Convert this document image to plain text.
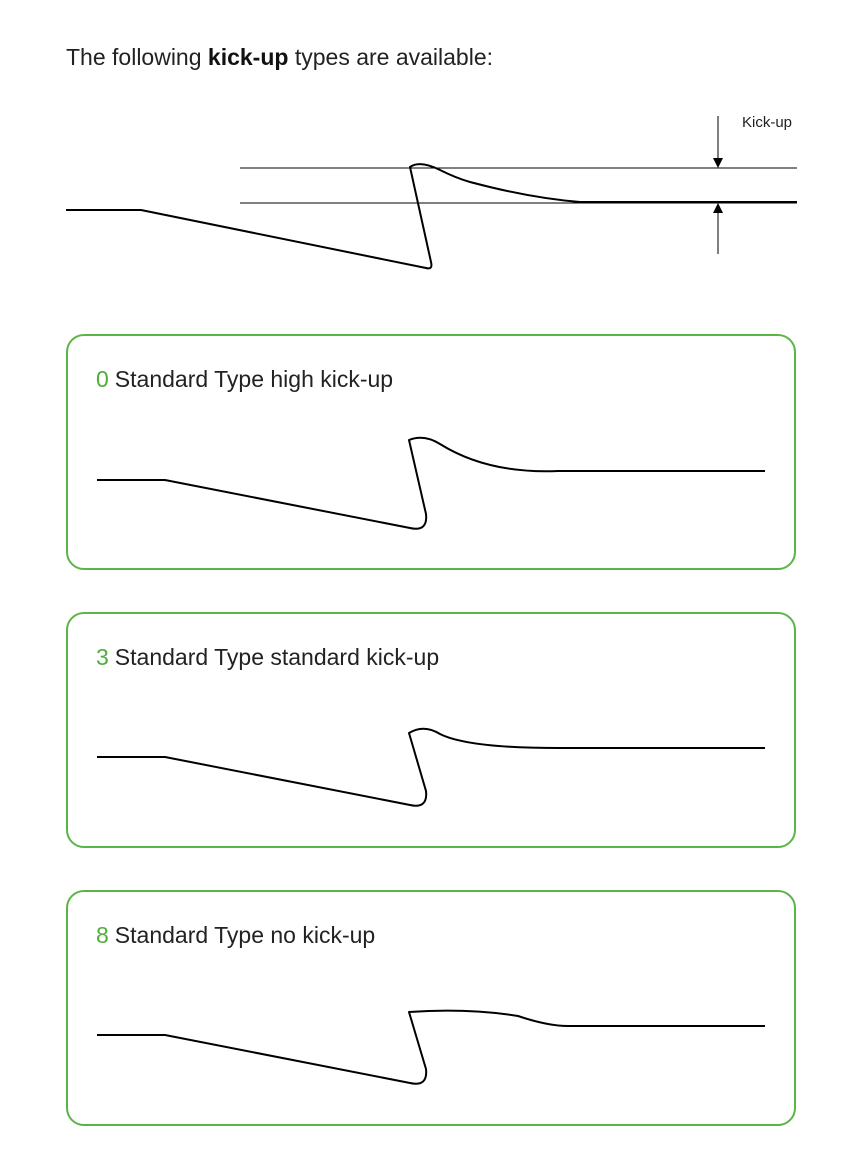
The following kick-up types are available:
Kick-up
0 Standard Type high kick-up
3 Standard Type standard kick-up
8 Standard Type no kick-up
